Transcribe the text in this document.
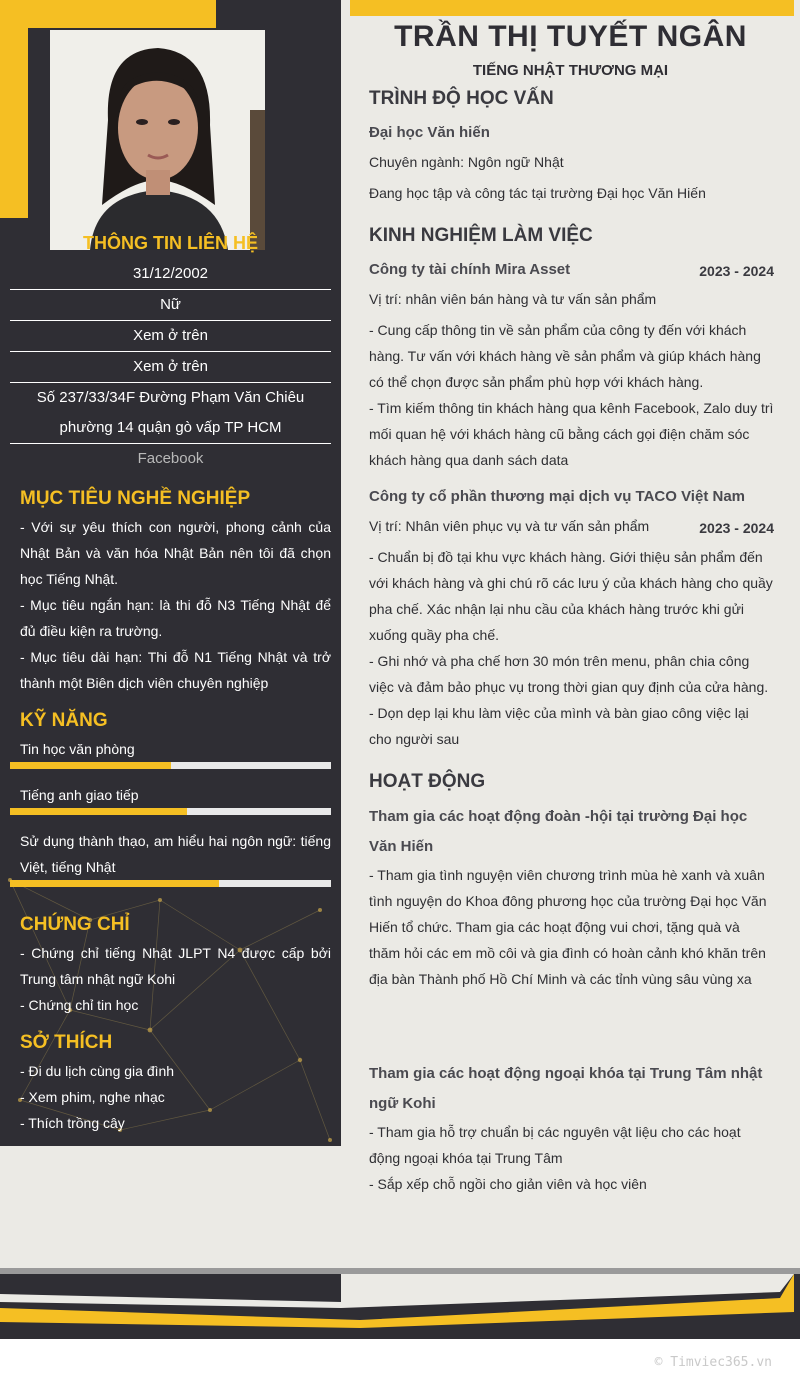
THÔNG TIN LIÊN HỆ
31/12/2002
Nữ
Xem ở trên
Xem ở trên
Số 237/33/34F Đường Phạm Văn Chiêu
phường 14 quận gò vấp TP HCM
Facebook
MỤC TIÊU NGHỀ NGHIỆP
- Với sự yêu thích con người, phong cảnh của Nhật Bản và văn hóa Nhật Bản nên tôi đã chọn học Tiếng Nhật.
- Mục tiêu ngắn hạn: là thi đỗ N3 Tiếng Nhật để đủ điều kiện ra trường.
- Mục tiêu dài hạn: Thi đỗ N1 Tiếng Nhật và trở thành một Biên dịch viên chuyên nghiệp
KỸ NĂNG
Tin học văn phòng
Tiếng anh giao tiếp
Sử dụng thành thạo, am hiểu hai ngôn ngữ: tiếng Việt, tiếng Nhật
CHỨNG CHỈ
- Chứng chỉ tiếng Nhật JLPT N4 được cấp bởi Trung tâm nhật ngữ Kohi
- Chứng chỉ tin học
SỞ THÍCH
- Đi du lịch cùng gia đình
- Xem phim, nghe nhạc
- Thích trồng cây
TRẦN THỊ TUYẾT NGÂN
TIẾNG NHẬT THƯƠNG MẠI
TRÌNH ĐỘ HỌC VẤN
Đại học Văn hiến
Chuyên ngành: Ngôn ngữ Nhật
Đang học tập và công tác tại trường Đại học Văn Hiến
KINH NGHIỆM LÀM VIỆC
Công ty tài chính Mira Asset	2023 - 2024
Vị trí: nhân viên bán hàng và tư vấn sản phẩm
- Cung cấp thông tin về sản phẩm của công ty đến với khách hàng. Tư vấn với khách hàng về sản phẩm và giúp khách hàng có thể chọn được sản phẩm phù hợp với khách hàng.
- Tìm kiếm thông tin khách hàng qua kênh Facebook, Zalo duy trì mối quan hệ với khách hàng cũ bằng cách gọi điện chăm sóc khách hàng qua danh sách data
Công ty cổ phần thương mại dịch vụ TACO Việt Nam
Vị trí: Nhân viên phục vụ và tư vấn sản phẩm	2023 - 2024
- Chuẩn bị đồ tại khu vực khách hàng. Giới thiệu sản phẩm đến với khách hàng và ghi chú rõ các lưu ý của khách hàng cho quầy pha chế. Xác nhận lại nhu cầu của khách hàng trước khi gửi xuống quầy pha chế.
- Ghi nhớ và pha chế hơn 30 món trên menu, phân chia công việc và đảm bảo phục vụ trong thời gian quy định của cửa hàng.
- Dọn dẹp lại khu làm việc của mình và bàn giao công việc lại cho người sau
HOẠT ĐỘNG
Tham gia các hoạt động đoàn -hội tại trường Đại học Văn Hiến
- Tham gia tình nguyện viên chương trình mùa hè xanh và xuân tình nguyện do Khoa đông phương học của trường Đại học Văn Hiến tổ chức. Tham gia các hoạt động vui chơi, tặng quà và thăm hỏi các em mồ côi và gia đình có hoàn cảnh khó khăn trên địa bàn Thành phố Hồ Chí Minh và các tỉnh vùng sâu vùng xa
Tham gia các hoạt động ngoại khóa tại Trung Tâm nhật ngữ Kohi
- Tham gia hỗ trợ chuẩn bị các nguyên vật liệu cho các hoạt động ngoại khóa tại Trung Tâm
- Sắp xếp chỗ ngồi cho giản viên và học viên
© Timviec365.vn
